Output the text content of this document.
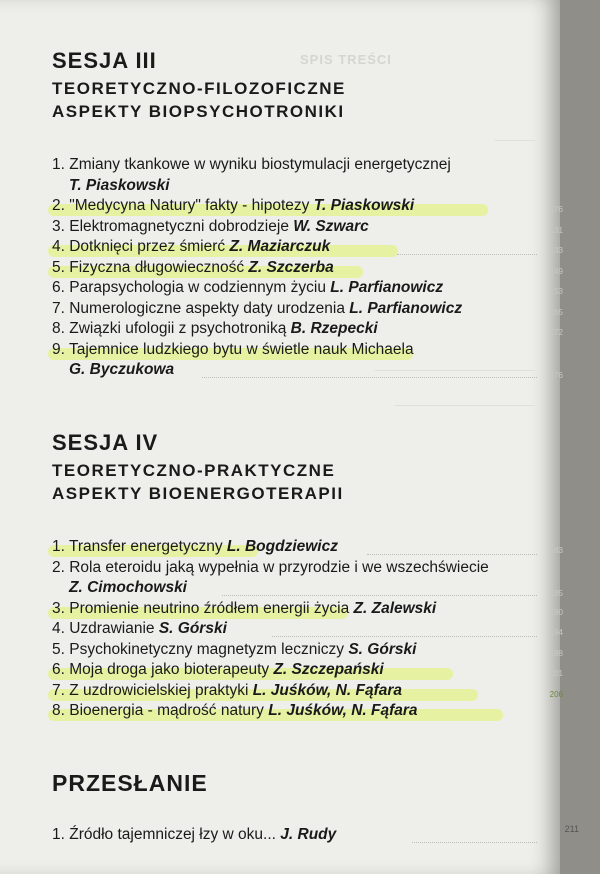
SPIS TREŚCI
SESJA III
TEORETYCZNO-FILOZOFICZNE
ASPEKTY BIOPSYCHOTRONIKI
1. Zmiany tkankowe w wyniku biostymulacji energetycznej
T. Piaskowski
2. "Medycyna Natury" fakty - hipotezy T. Piaskowski	176
3. Elektromagnetyczni dobrodzieje W. Szwarc	131
4. Dotknięci przez śmierć Z. Maziarczuk	133
5. Fizyczna długowieczność Z. Szczerba	149
6. Parapsychologia w codziennym życiu L. Parfianowicz	153
7. Numerologiczne aspekty daty urodzenia L. Parfianowicz	165
8. Związki ufologii z psychotroniką B. Rzepecki	172
9. Tajemnice ludzkiego bytu w świetle nauk Michaela
G. Byczukowa	176
SESJA IV
TEORETYCZNO-PRAKTYCZNE
ASPEKTY BIOENERGOTERAPII
1. Transfer energetyczny L. Bogdziewicz	183
2. Rola eteroidu jaką wypełnia w przyrodzie i we wszechświecie
Z. Cimochowski	185
3. Promienie neutrino źródłem energii życia Z. Zalewski	190
4. Uzdrawianie S. Górski	194
5. Psychokinetyczny magnetyzm leczniczy S. Górski	198
6. Moja droga jako bioterapeuty Z. Szczepański	201
7. Z uzdrowicielskiej praktyki L. Juśków, N. Fąfara	206
8. Bioenergia - mądrość natury L. Juśków, N. Fąfara
PRZESŁANIE
1. Źródło tajemniczej łzy w oku... J. Rudy	211
